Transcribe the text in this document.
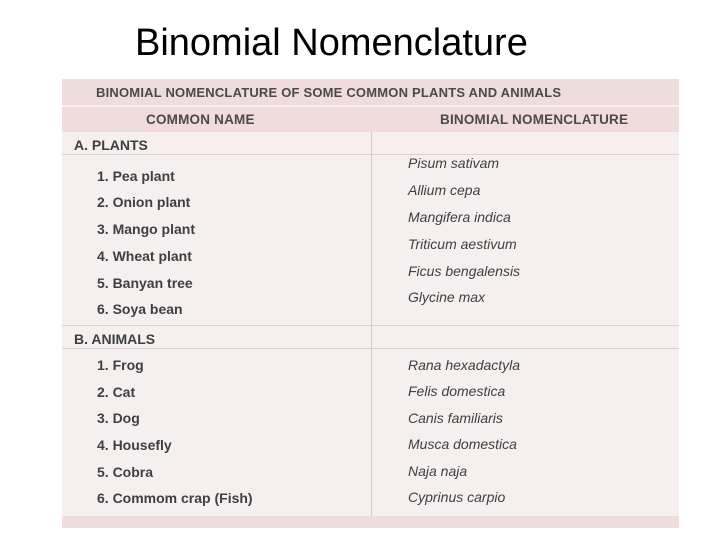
Binomial Nomenclature
BINOMIAL NOMENCLATURE OF SOME COMMON PLANTS AND ANIMALS
COMMON NAME	BINOMIAL NOMENCLATURE
A. PLANTS
1. Pea plant
2. Onion plant
3. Mango plant
4. Wheat plant
5. Banyan tree
6. Soya bean
Pisum sativam
Allium cepa
Mangifera indica
Triticum aestivum
Ficus bengalensis
Glycine max
B. ANIMALS
1. Frog
2. Cat
3. Dog
4. Housefly
5. Cobra
6. Commom crap (Fish)
Rana hexadactyla
Felis domestica
Canis familiaris
Musca domestica
Naja naja
Cyprinus carpio
